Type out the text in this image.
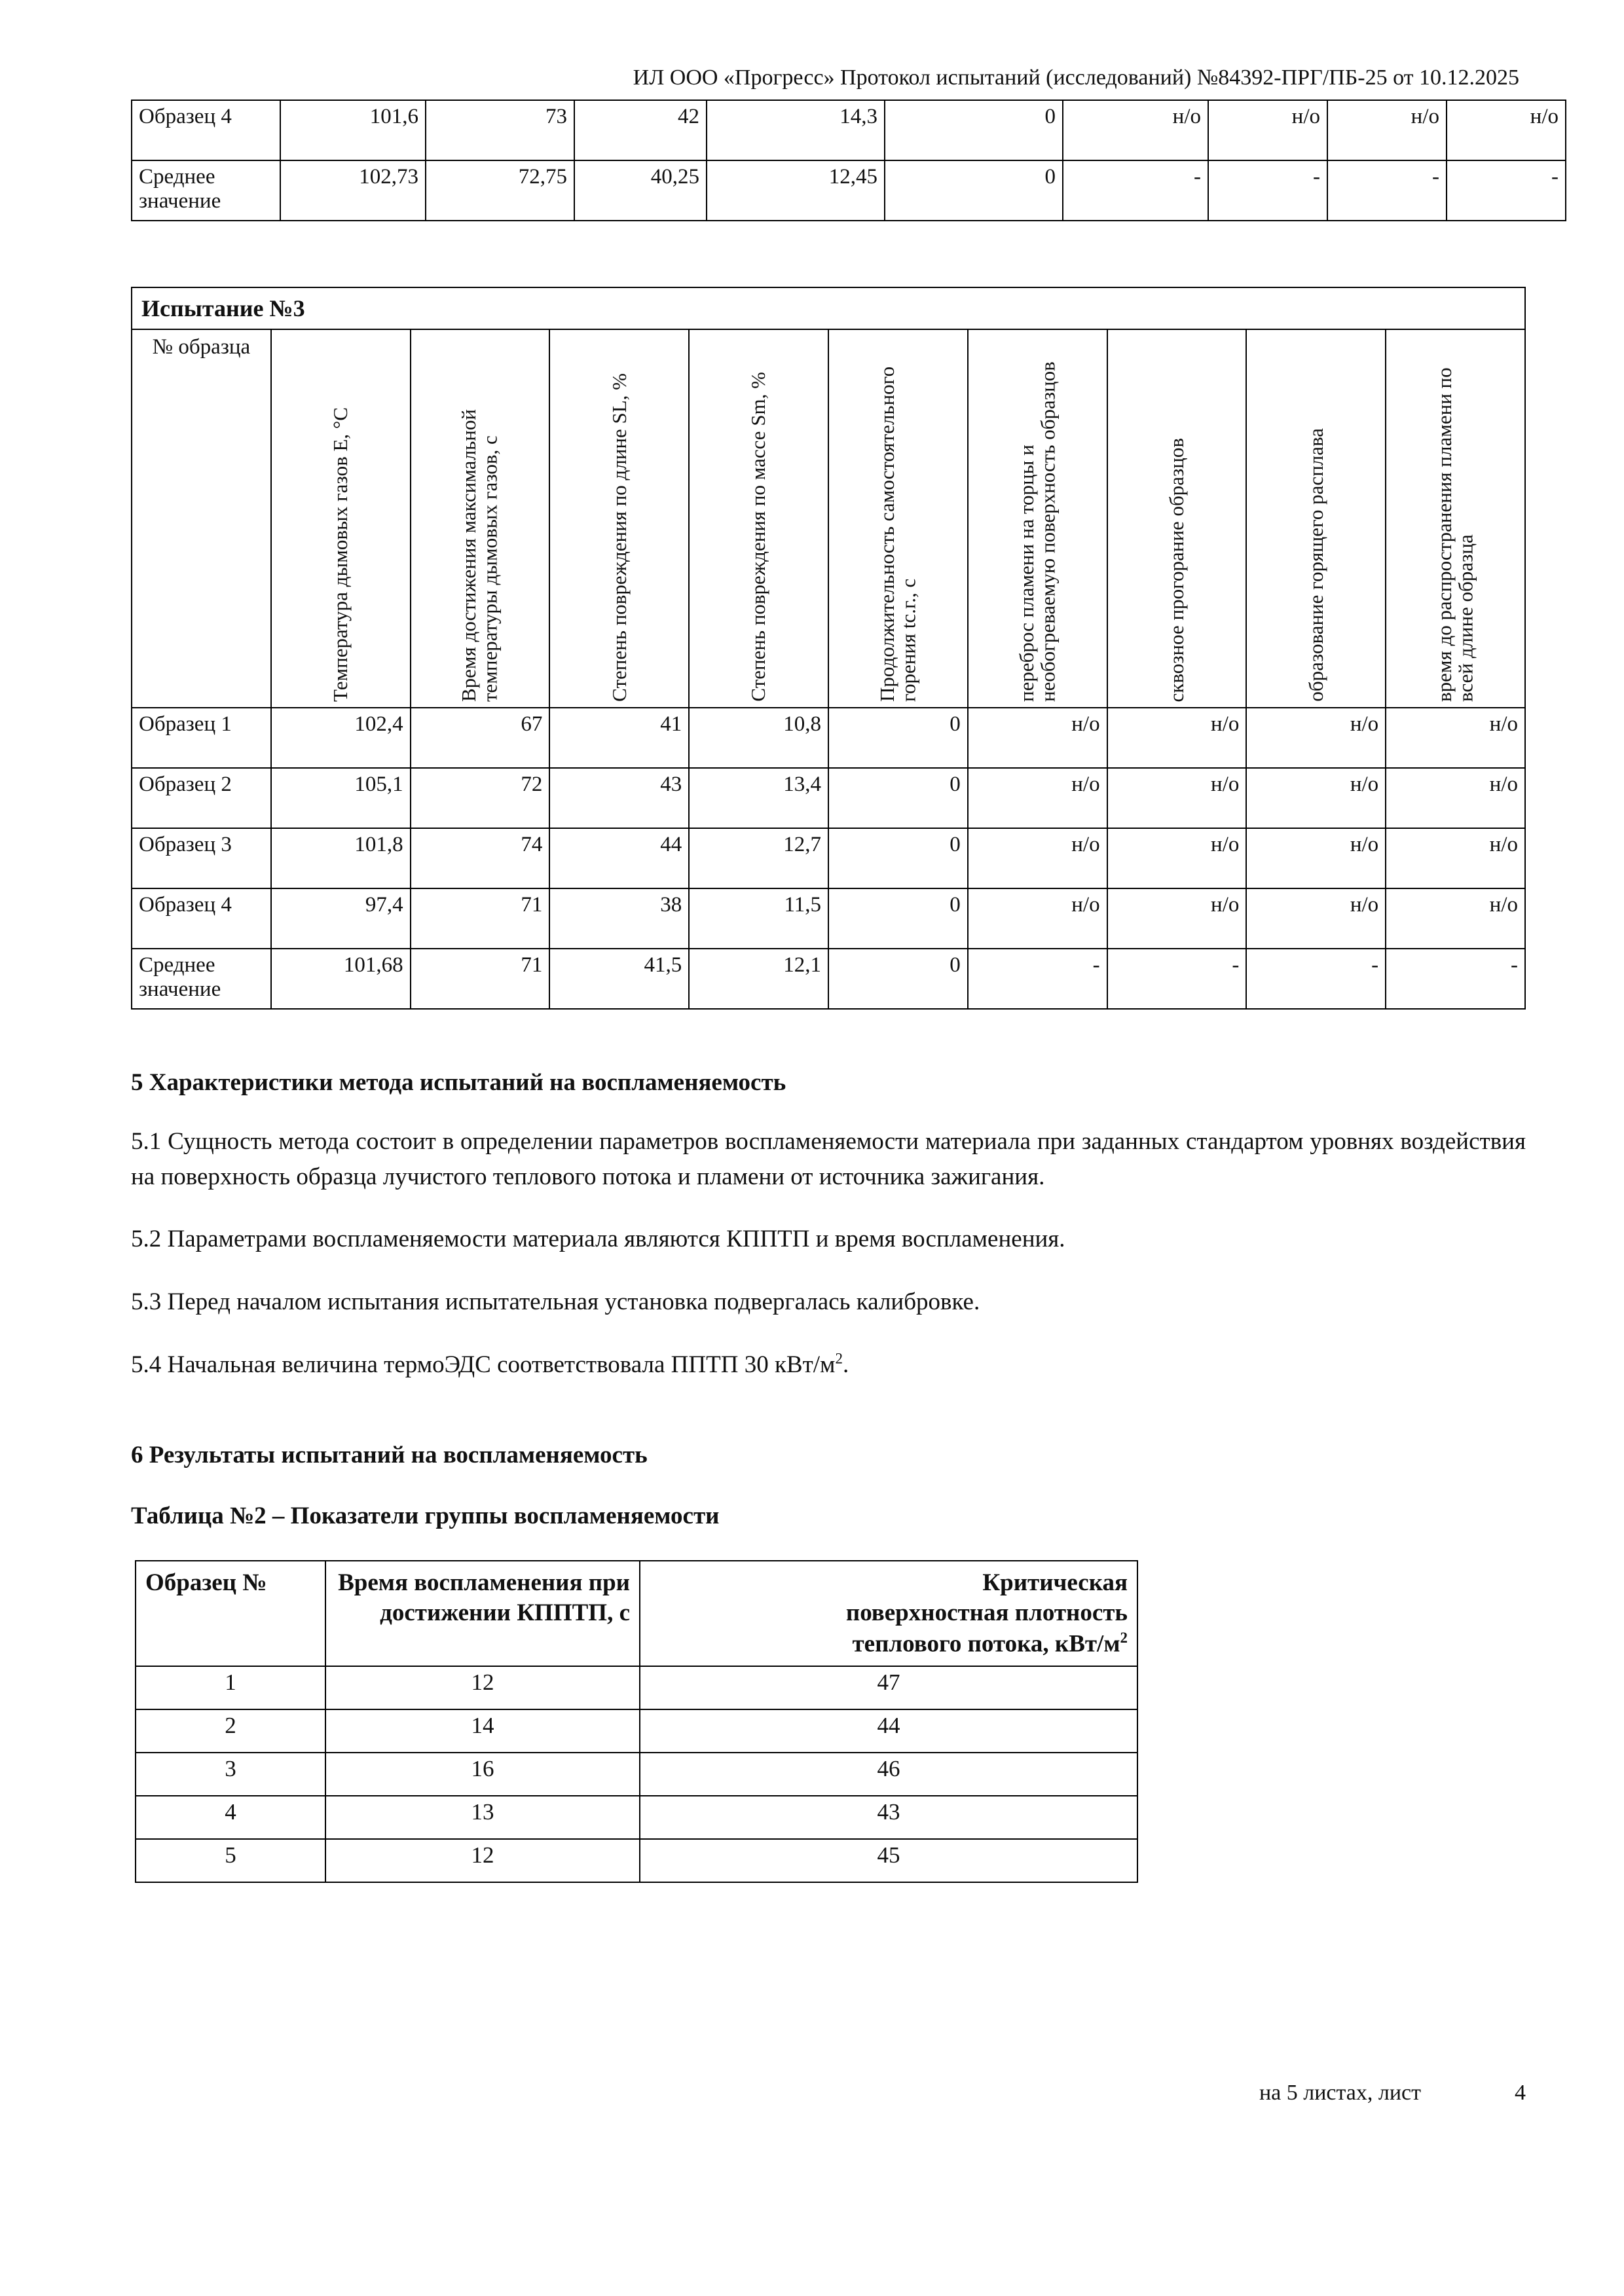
ИЛ ООО «Прогресс» Протокол испытаний (исследований) №84392-ПРГ/ПБ-25 от 10.12.2025
Образец 4	101,6	73	42	14,3	0	н/о	н/о	н/о	н/о
Среднее значение	102,73	72,75	40,25	12,45	0	-	-	-	-
Испытание №3									
№ образца	Температура дымовых газов E, °C	Время достижения максимальной температуры дымовых газов, с	Степень повреждения по длине SL, %	Степень повреждения по массе Sm, %	Продолжительность самостоятельного горения tс.г., с	переброс пламени на торцы и необогреваемую поверхность образцов	сквозное прогорание образцов	образование горящего расплава	время до распространения пламени по всей длине образца

Образец 1	102,4	67	41	10,8	0	н/о	н/о	н/о	н/о
Образец 2	105,1	72	43	13,4	0	н/о	н/о	н/о	н/о
Образец 3	101,8	74	44	12,7	0	н/о	н/о	н/о	н/о
Образец 4	97,4	71	38	11,5	0	н/о	н/о	н/о	н/о
Среднее значение	101,68	71	41,5	12,1	0	-	-	-	-
5 Характеристики метода испытаний на воспламеняемость

5.1 Сущность метода состоит в определении параметров воспламеняемости материала при заданных стандартом уровнях воздействия на поверхность образца лучистого теплового потока и пламени от источника зажигания.

5.2 Параметрами воспламеняемости материала являются КППТП и время воспламенения.

5.3 Перед началом испытания испытательная установка подвергалась калибровке.

5.4 Начальная величина термоЭДС соответствовала ППТП 30 кВт/$м^2$.

6 Результаты испытаний на воспламеняемость
Таблица №2 – Показатели группы воспламеняемости
Образец №	Время воспламенения при достижении КППТП, с	Критическая
поверхностная плотность
теплового потока, кВт/$м^2$
1	12	47
2	14	44
3	16	46
4	13	43
5	12	45
на 5 листах, лист	4
